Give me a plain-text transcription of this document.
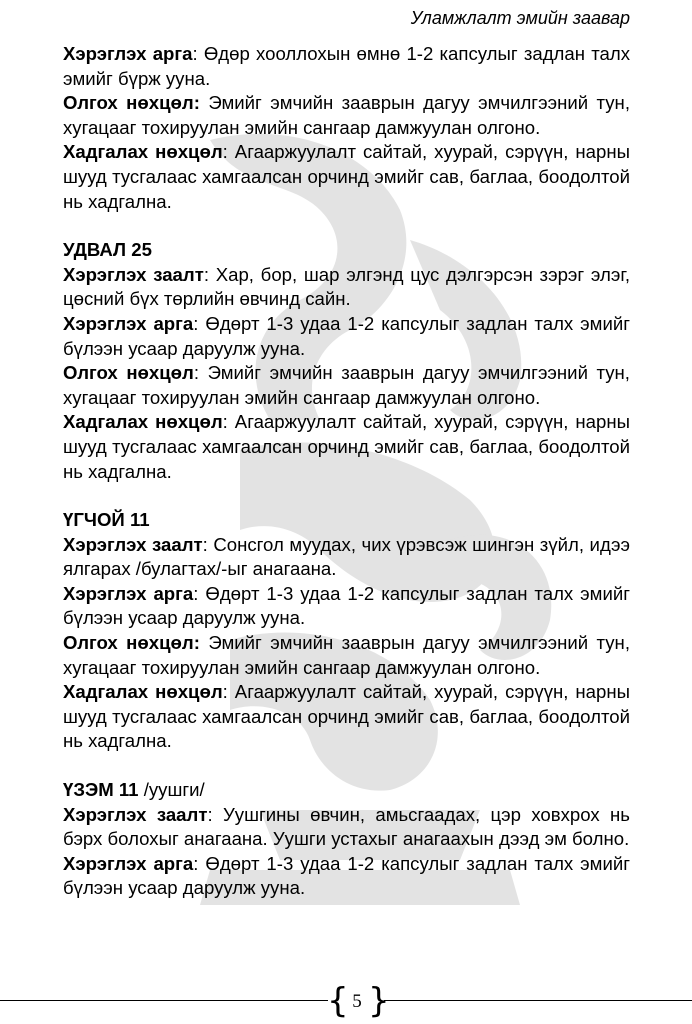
Уламжлалт эмийн заавар

Хэрэглэх арга: Өдөр хооллохын өмнө 1-2 капсулыг задлан талх эмийг бүрж ууна.

Олгох нөхцөл: Эмийг эмчийн зааврын дагуу эмчилгээний тун, хугацааг тохируулан эмийн сангаар дамжуулан олгоно.

Хадгалах нөхцөл: Агааржуулалт сайтай, хуурай, сэрүүн, нарны шууд тусгалаас хамгаалсан орчинд эмийг сав, баглаа, боодолтой нь хадгална.

УДВАЛ 25

Хэрэглэх заалт: Хар, бор, шар элгэнд цус дэлгэрсэн зэрэг элэг, цөсний бүх төрлийн өвчинд сайн.

Хэрэглэх арга: Өдөрт 1-3 удаа 1-2 капсулыг задлан талх эмийг бүлээн усаар даруулж ууна.

Олгох нөхцөл: Эмийг эмчийн зааврын дагуу эмчилгээний тун, хугацааг тохируулан эмийн сангаар дамжуулан олгоно.

Хадгалах нөхцөл: Агааржуулалт сайтай, хуурай, сэрүүн, нарны шууд тусгалаас хамгаалсан орчинд эмийг сав, баглаа, боодолтой нь хадгална.

ҮГЧОЙ 11

Хэрэглэх заалт: Сонсгол муудах, чих үрэвсэж шингэн зүйл, идээ ялгарах /булагтах/-ыг анагаана.

Хэрэглэх арга: Өдөрт 1-3 удаа 1-2 капсулыг задлан талх эмийг бүлээн усаар даруулж ууна.

Олгох нөхцөл: Эмийг эмчийн зааврын дагуу эмчилгээний тун, хугацааг тохируулан эмийн сангаар дамжуулан олгоно.

Хадгалах нөхцөл: Агааржуулалт сайтай, хуурай, сэрүүн, нарны шууд тусгалаас хамгаалсан орчинд эмийг сав, баглаа, боодолтой нь хадгална.

ҮЗЭМ 11 /уушги/

Хэрэглэх заалт: Уушгины өвчин, амьсгаадах, цэр ховхрох нь бэрх болохыг анагаана. Уушги устахыг анагаахын дээд эм болно.

Хэрэглэх арга: Өдөрт 1-3 удаа 1-2 капсулыг задлан талх эмийг бүлээн усаар даруулж ууна.

{ }
5
